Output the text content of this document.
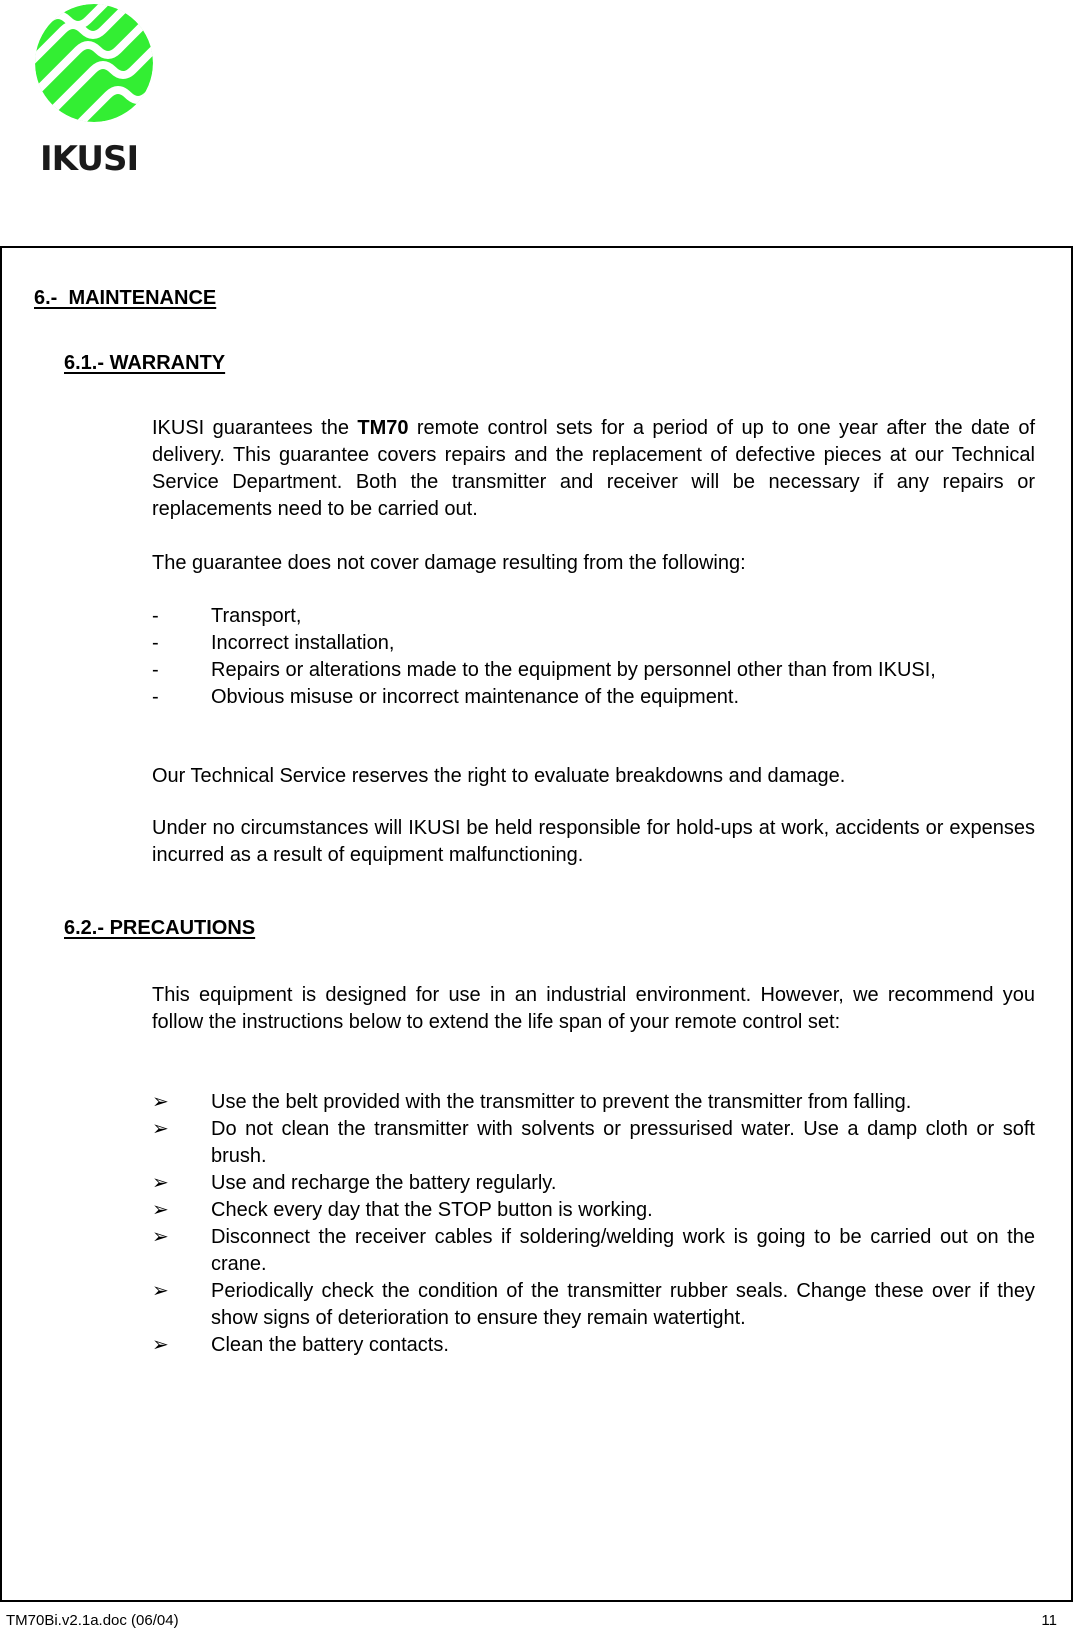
IKUSI
6.-  MAINTENANCE
6.1.- WARRANTY

IKUSI guarantees the TM70 remote control sets for a period of up to one year after the date of delivery. This guarantee covers repairs and the replacement of defective pieces at our Technical Service Department. Both the transmitter and receiver will be necessary if any repairs or replacements need to be carried out.

The guarantee does not cover damage resulting from the following:

-	Transport,
-	Incorrect installation,
-	Repairs or alterations made to the equipment by personnel other than from IKUSI,
-	Obvious misuse or incorrect maintenance of the equipment.

Our Technical Service reserves the right to evaluate breakdowns and damage.

Under no circumstances will IKUSI be held responsible for hold-ups at work, accidents or expenses incurred as a result of equipment malfunctioning.

6.2.- PRECAUTIONS

This equipment is designed for use in an industrial environment. However, we recommend you follow the instructions below to extend the life span of your remote control set:

➢	Use the belt provided with the transmitter to prevent the transmitter from falling.
➢	Do not clean the transmitter with solvents or pressurised water. Use a damp cloth or soft brush.
➢	Use and recharge the battery regularly.
➢	Check every day that the STOP button is working.
➢	Disconnect the receiver cables if soldering/welding work is going to be carried out on the crane.
➢	Periodically check the condition of the transmitter rubber seals. Change these over if they show signs of deterioration to ensure they remain watertight.
➢	Clean the battery contacts.
TM70Bi.v2.1a.doc (06/04)	11
